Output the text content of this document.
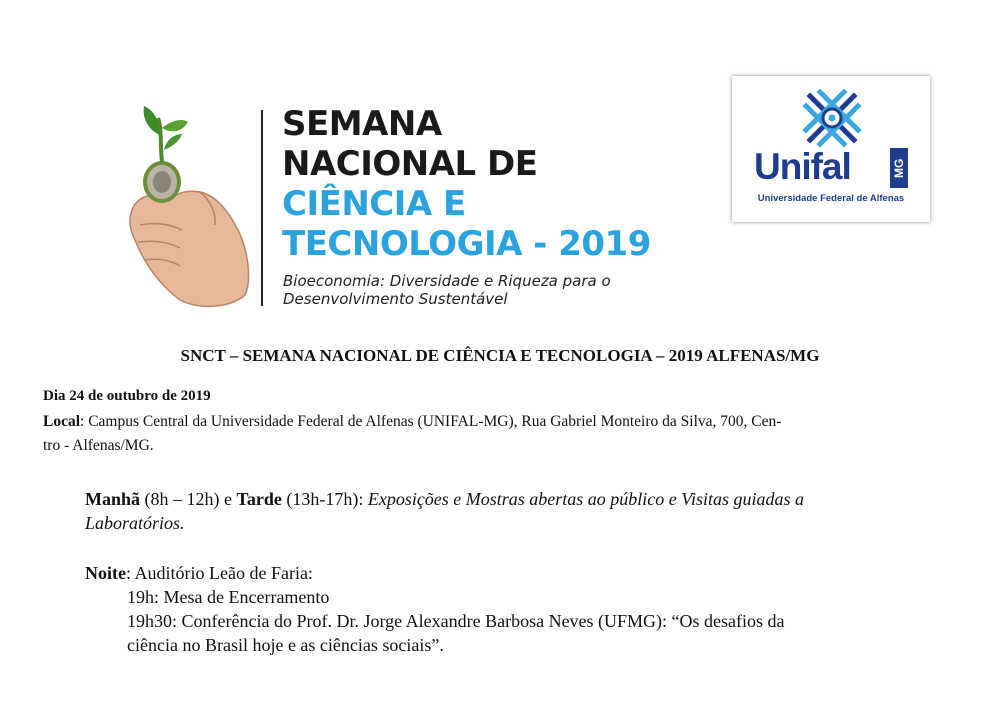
SEMANA
NACIONAL DE
CIÊNCIA E
TECNOLOGIA - 2019
Bioeconomia: Diversidade e Riqueza para o
Desenvolvimento Sustentável
Unifal	MG
Universidade Federal de Alfenas
SNCT – SEMANA NACIONAL DE CIÊNCIA E TECNOLOGIA – 2019 ALFENAS/MG
Dia 24 de outubro de 2019
Local: Campus Central da Universidade Federal de Alfenas (UNIFAL-MG), Rua Gabriel Monteiro da Silva, 700, Cen-
tro - Alfenas/MG.
Manhã (8h – 12h) e Tarde (13h-17h): Exposições e Mostras abertas ao público e Visitas guiadas a
Laboratórios.
Noite: Auditório Leão de Faria:
19h: Mesa de Encerramento
19h30: Conferência do Prof. Dr. Jorge Alexandre Barbosa Neves (UFMG): “Os desafios da
ciência no Brasil hoje e as ciências sociais”.
